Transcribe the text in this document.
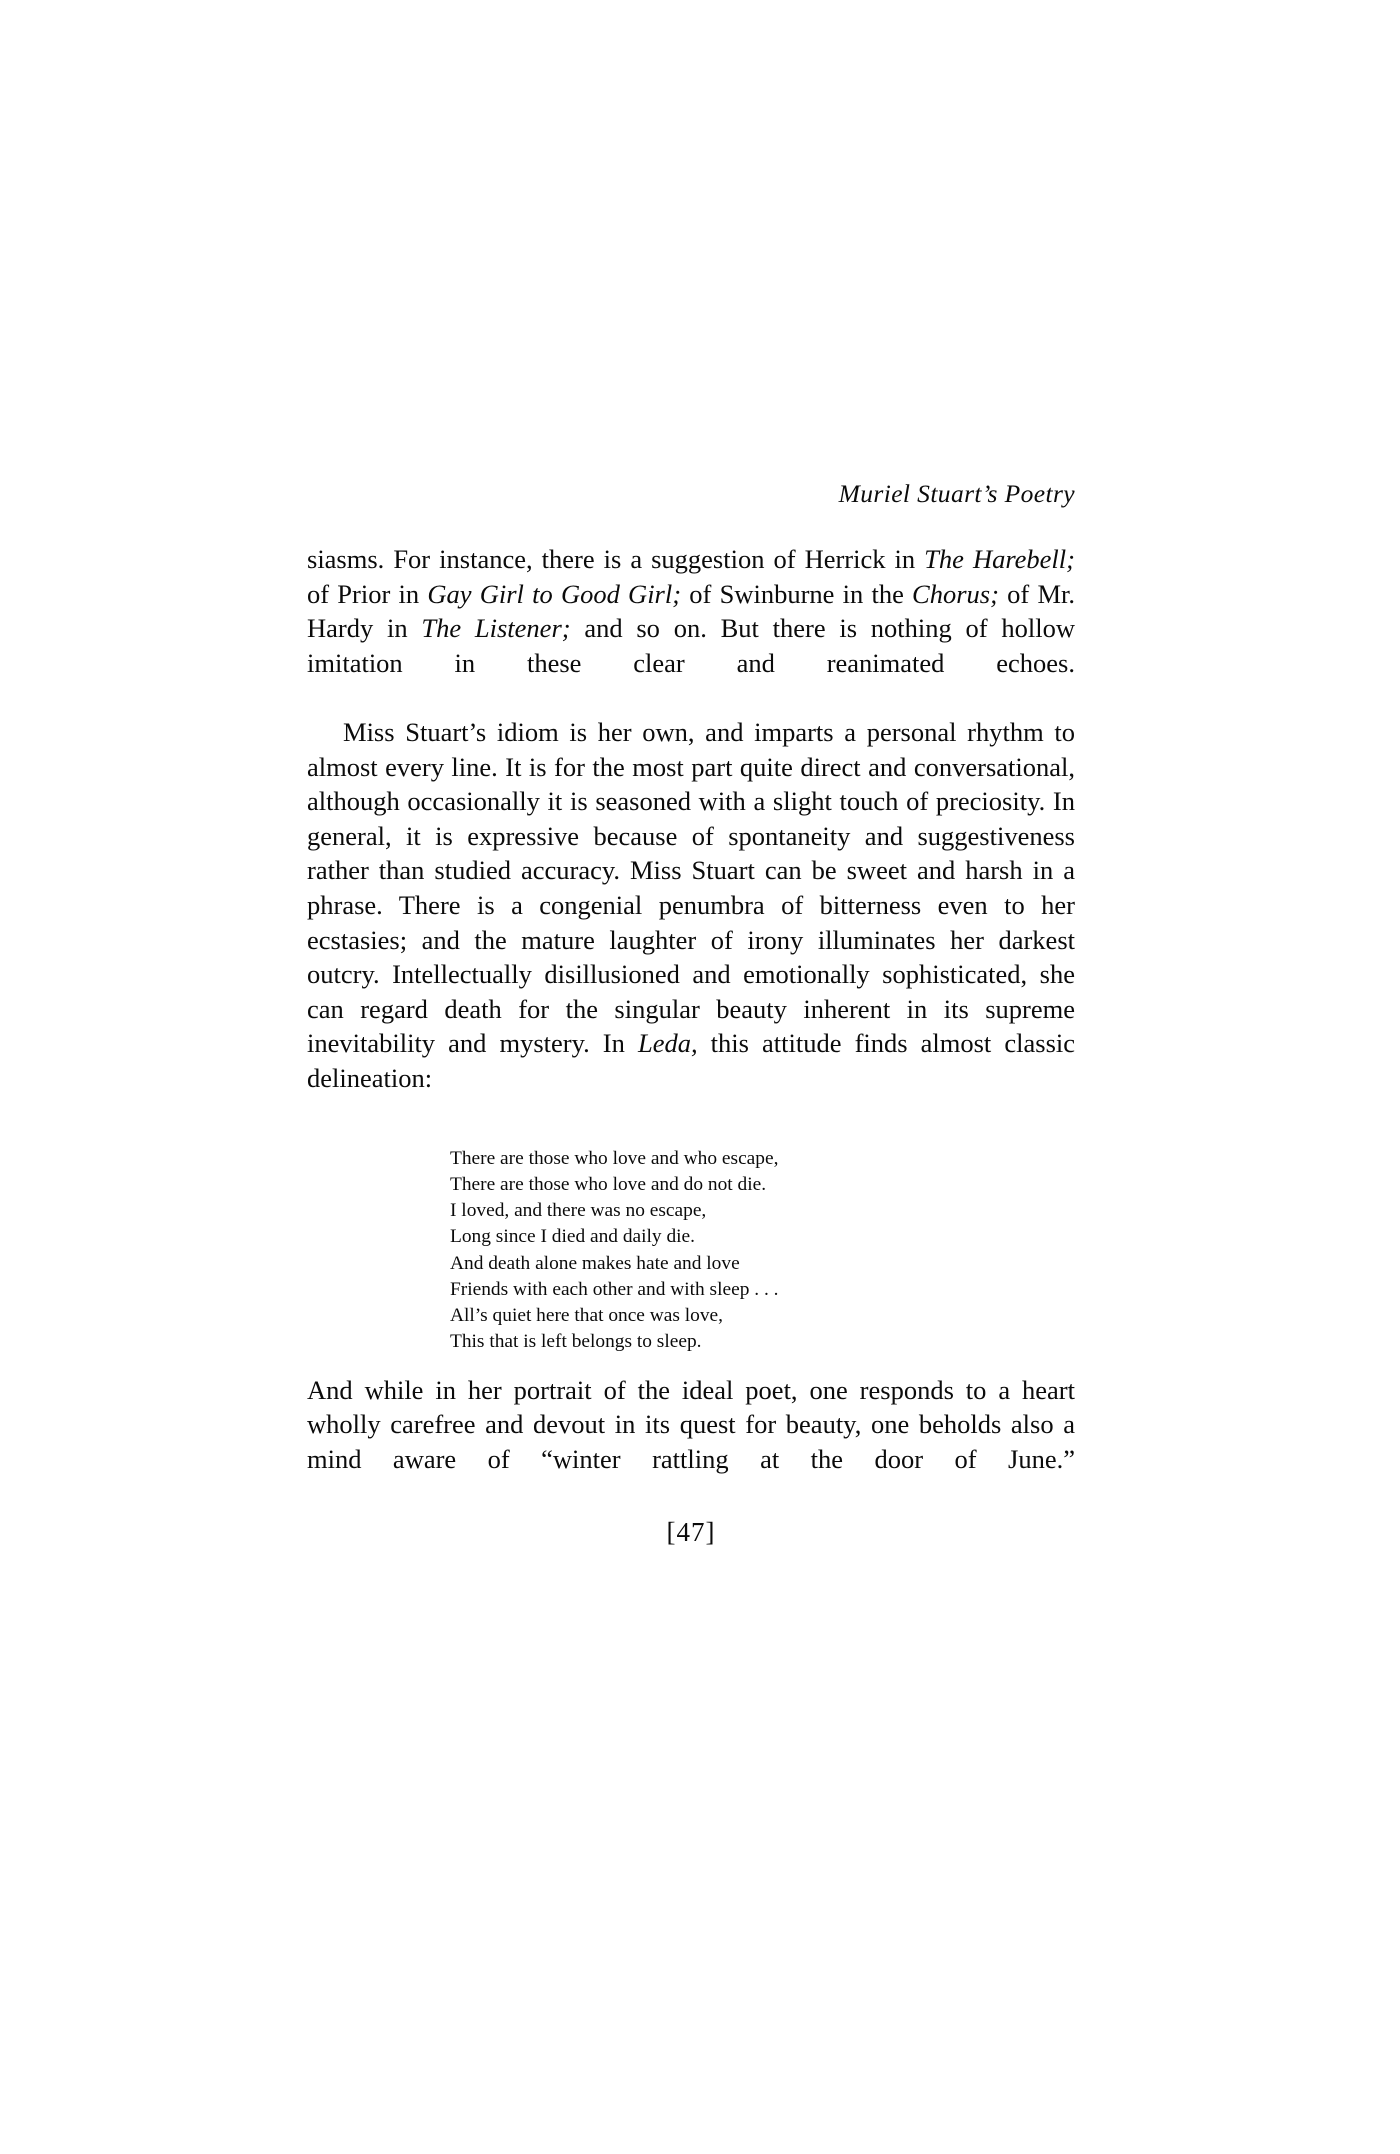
Muriel Stuart’s Poetry

siasms. For instance, there is a suggestion of Herrick in The Harebell; of Prior in Gay Girl to Good Girl; of Swinburne in the Chorus; of Mr. Hardy in The Listener; and so on. But there is nothing of hollow imitation in these clear and reanimated echoes.

Miss Stuart’s idiom is her own, and imparts a personal rhythm to almost every line. It is for the most part quite direct and conversational, although occasionally it is seasoned with a slight touch of preciosity. In general, it is expressive because of spontaneity and suggestiveness rather than studied accuracy. Miss Stuart can be sweet and harsh in a phrase. There is a congenial penumbra of bitterness even to her ecstasies; and the mature laughter of irony illuminates her darkest outcry. Intellectually disillusioned and emotionally sophisticated, she can regard death for the singular beauty inherent in its supreme inevitability and mystery. In Leda, this attitude finds almost classic delineation:

There are those who love and who escape,
There are those who love and do not die.
I loved, and there was no escape,
Long since I died and daily die.
And death alone makes hate and love
Friends with each other and with sleep . . .
All’s quiet here that once was love,
This that is left belongs to sleep.

And while in her portrait of the ideal poet, one responds to a heart wholly carefree and devout in its quest for beauty, one beholds also a mind aware of “winter rattling at the door of June.”

[47]
